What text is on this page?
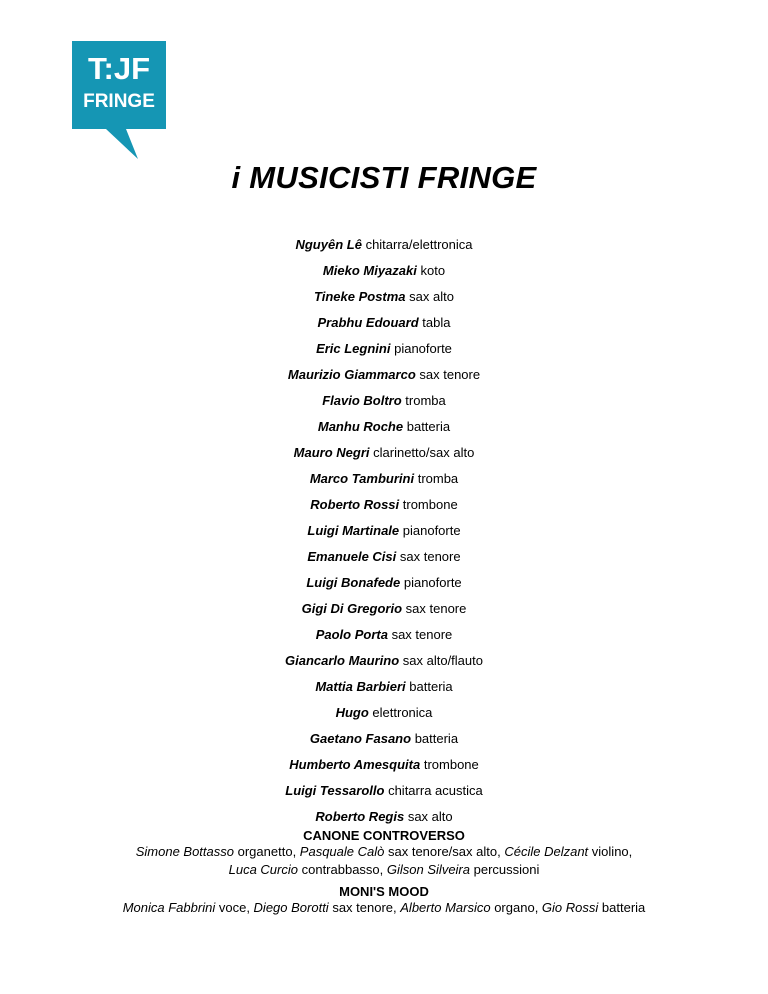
T:JF
FRINGE
i MUSICISTI FRINGE
Nguyên Lê chitarra/elettronica
Mieko Miyazaki koto
Tineke Postma sax alto
Prabhu Edouard tabla
Eric Legnini pianoforte
Maurizio Giammarco sax tenore
Flavio Boltro tromba
Manhu Roche batteria
Mauro Negri clarinetto/sax alto
Marco Tamburini tromba
Roberto Rossi trombone
Luigi Martinale pianoforte
Emanuele Cisi sax tenore
Luigi Bonafede pianoforte
Gigi Di Gregorio sax tenore
Paolo Porta sax tenore
Giancarlo Maurino sax alto/flauto
Mattia Barbieri batteria
Hugo elettronica
Gaetano Fasano batteria
Humberto Amesquita trombone
Luigi Tessarollo chitarra acustica
Roberto Regis sax alto
CANONE CONTROVERSO
Simone Bottasso organetto, Pasquale Calò sax tenore/sax alto, Cécile Delzant violino,
Luca Curcio contrabbasso, Gilson Silveira percussioni
MONI'S MOOD
Monica Fabbrini voce, Diego Borotti sax tenore, Alberto Marsico organo, Gio Rossi batteria
